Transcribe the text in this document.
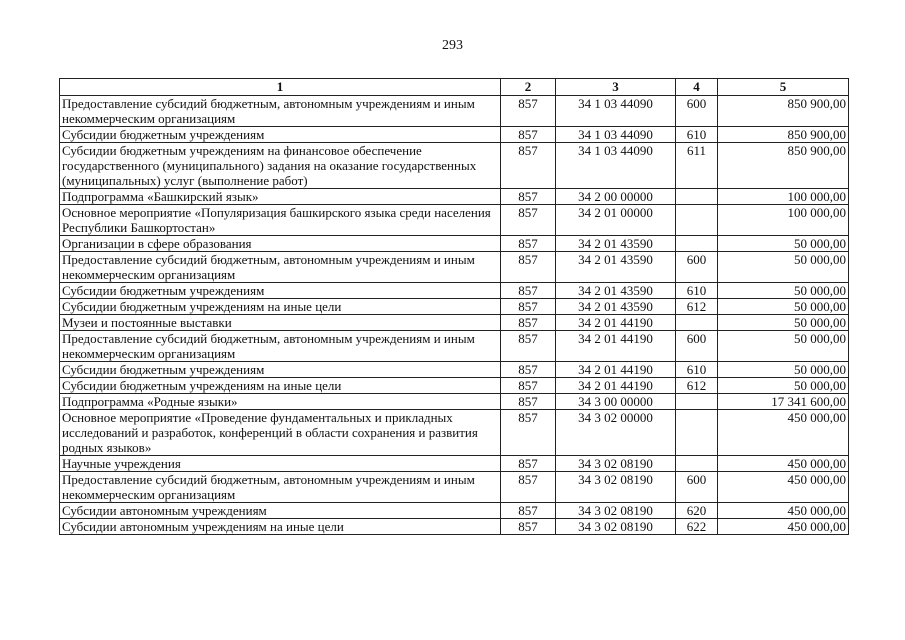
293
1	2	3	4	5
Предоставление субсидий бюджетным, автономным учреждениям и иным некоммерческим организациям	857	34 1 03 44090	600	850 900,00
Субсидии бюджетным учреждениям	857	34 1 03 44090	610	850 900,00
Субсидии бюджетным учреждениям на финансовое обеспечение государственного (муниципального) задания на оказание государственных (муниципальных) услуг (выполнение работ)	857	34 1 03 44090	611	850 900,00
Подпрограмма «Башкирский язык»	857	34 2 00 00000		100 000,00
Основное мероприятие «Популяризация башкирского языка среди населения Республики Башкортостан»	857	34 2 01 00000		100 000,00
Организации в сфере образования	857	34 2 01 43590		50 000,00
Предоставление субсидий бюджетным, автономным учреждениям и иным некоммерческим организациям	857	34 2 01 43590	600	50 000,00
Субсидии бюджетным учреждениям	857	34 2 01 43590	610	50 000,00
Субсидии бюджетным учреждениям на иные цели	857	34 2 01 43590	612	50 000,00
Музеи и постоянные выставки	857	34 2 01 44190		50 000,00
Предоставление субсидий бюджетным, автономным учреждениям и иным некоммерческим организациям	857	34 2 01 44190	600	50 000,00
Субсидии бюджетным учреждениям	857	34 2 01 44190	610	50 000,00
Субсидии бюджетным учреждениям на иные цели	857	34 2 01 44190	612	50 000,00
Подпрограмма «Родные языки»	857	34 3 00 00000		17 341 600,00
Основное мероприятие «Проведение фундаментальных и прикладных исследований и разработок, конференций в области сохранения и развития родных языков»	857	34 3 02 00000		450 000,00
Научные учреждения	857	34 3 02 08190		450 000,00
Предоставление субсидий бюджетным, автономным учреждениям и иным некоммерческим организациям	857	34 3 02 08190	600	450 000,00
Субсидии автономным учреждениям	857	34 3 02 08190	620	450 000,00
Субсидии автономным учреждениям на иные цели	857	34 3 02 08190	622	450 000,00
